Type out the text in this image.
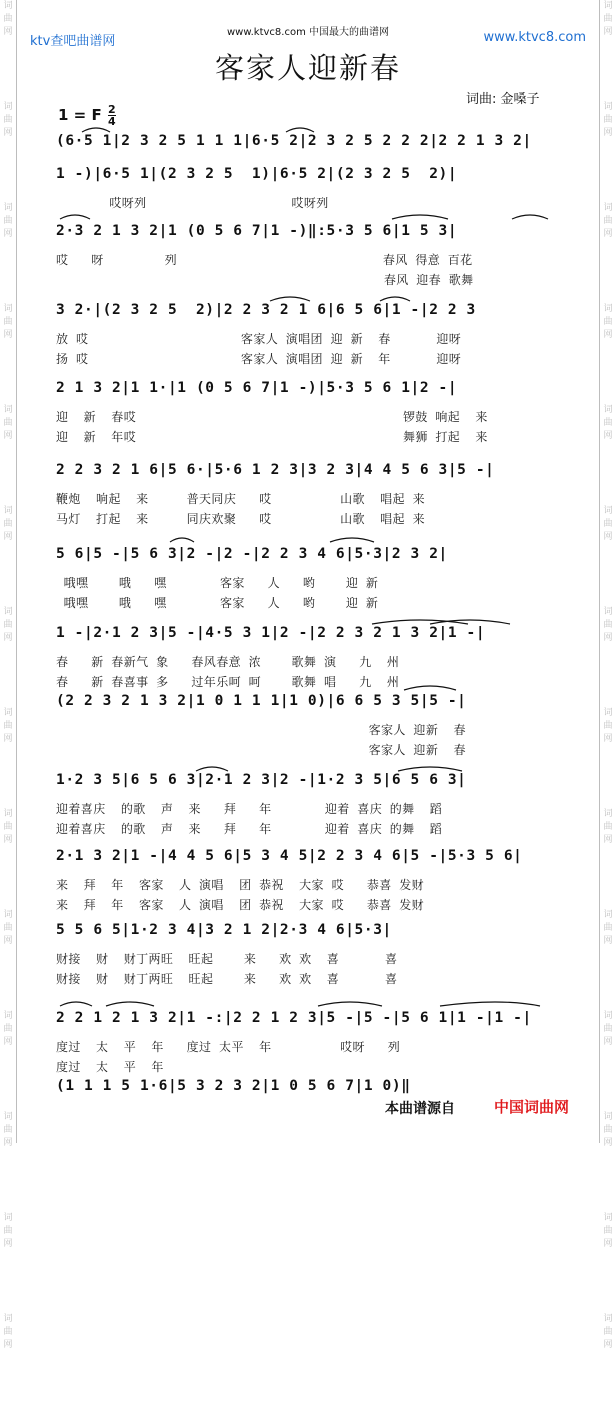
词
曲
网
词
曲
网
词
曲
网
词
曲
网
词
曲
网
词
曲
网
词
曲
网
词
曲
网
词
曲
网
词
曲
网
词
曲
网
词
曲
网
词
曲
网
词
曲
网
词
曲
网
词
曲
网
词
曲
网
词
曲
网
词
曲
网
词
曲
网
词
曲
网
词
曲
网
词
曲
网
词
曲
网
词
曲
网
词
曲
网
词
曲
网
词
曲
网
ktv查吧曲谱网
www.ktvc8.com 中国最大的曲谱网	www.ktvc8.com
客家人迎新春
词曲: 金嗓子
1 = F $\frac{2}{4}$
(6·5 1|2 3 2 5 1 1 1|6·5 2|2 3 2 5 2 2 2|2 2 1 3 2|
1 -)|6·5 1|(2 3 2 5  1)|6·5 2|(2 3 2 5  2)|
哎呀列                   哎呀列
2·3 2 1 3 2|1 (0 5 6 7|1 -)‖:5·3 5 6|1 5 3|
哎   呀        列                           春风 得意 百花
春风 迎春 歌舞
3 2·|(2 3 2 5  2)|2 2 3 2 1 6|6 5 6|1 -|2 2 3
放 哎                    客家人 演唱团 迎 新  春      迎呀
扬 哎                    客家人 演唱团 迎 新  年      迎呀
2 1 3 2|1 1·|1 (0 5 6 7|1 -)|5·3 5 6 1|2 -|
迎  新  春哎                                   锣鼓 响起  来
迎  新  年哎                                   舞狮 打起  来
2 2 3 2 1 6|5 6·|5·6 1 2 3|3 2 3|4 4 5 6 3|5 -|
鞭炮  响起  来     普天同庆   哎         山歌  唱起 来
马灯  打起  来     同庆欢聚   哎         山歌  唱起 来
5 6|5 -|5 6 3|2 -|2 -|2 2 3 4 6|5·3|2 3 2|
哦嘿    哦   嘿       客家   人   哟    迎 新
哦嘿    哦   嘿       客家   人   哟    迎 新
1 -|2·1 2 3|5 -|4·5 3 1|2 -|2 2 3 2 1 3 2|1 -|
春   新 春新气 象   春风春意 浓    歌舞 演   九  州
春   新 春喜事 多   过年乐呵 呵    歌舞 唱   九  州
(2 2 3 2 1 3 2|1 0 1 1 1|1 0)|6 6 5 3 5|5 -|
客家人 迎新  春
客家人 迎新  春
1·2 3 5|6 5 6 3|2·1 2 3|2 -|1·2 3 5|6 5 6 3|
迎着喜庆  的歌  声  来   拜   年       迎着 喜庆 的舞  蹈
迎着喜庆  的歌  声  来   拜   年       迎着 喜庆 的舞  蹈
2·1 3 2|1 -|4 4 5 6|5 3 4 5|2 2 3 4 6|5 -|5·3 5 6|
来  拜  年  客家  人 演唱  团 恭祝  大家 哎   恭喜 发财
来  拜  年  客家  人 演唱  团 恭祝  大家 哎   恭喜 发财
5 5 6 5|1·2 3 4|3 2 1 2|2·3 4 6|5·3|
财接  财  财丁两旺  旺起    来   欢 欢  喜      喜
财接  财  财丁两旺  旺起    来   欢 欢  喜      喜
2 2 1 2 1 3 2|1 -:|2 2 1 2 3|5 -|5 -|5 6 1|1 -|1 -|
度过  太  平  年   度过 太平  年         哎呀   列
度过  太  平  年
(1 1 1 5 1·6|5 3 2 3 2|1 0 5 6 7|1 0)‖
本曲谱源自	中国词曲网
